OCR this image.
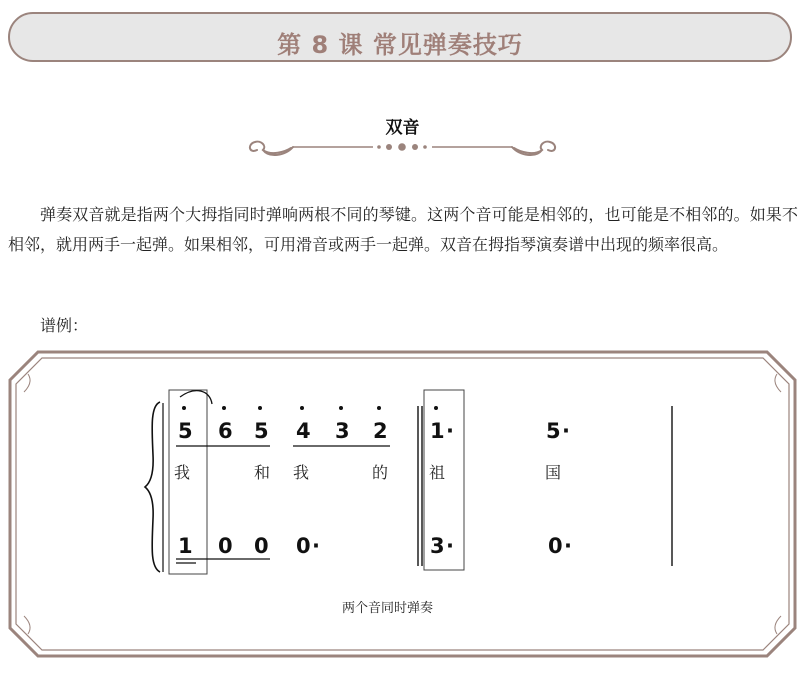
第 8 课 常见弹奏技巧
双音

弹奏双音就是指两个大拇指同时弹响两根不同的琴键。这两个音可能是相邻的，也可能是不相邻的。如果不相邻，就用两手一起弹。如果相邻，可用滑音或两手一起弹。双音在拇指琴演奏谱中出现的频率很高。

谱例：

5 6 5 4 3 2 1 ·	5 ·
我	和 我	的	祖	国
1 0 0 0 ·	3 ·	0 ·
两个音同时弹奏
